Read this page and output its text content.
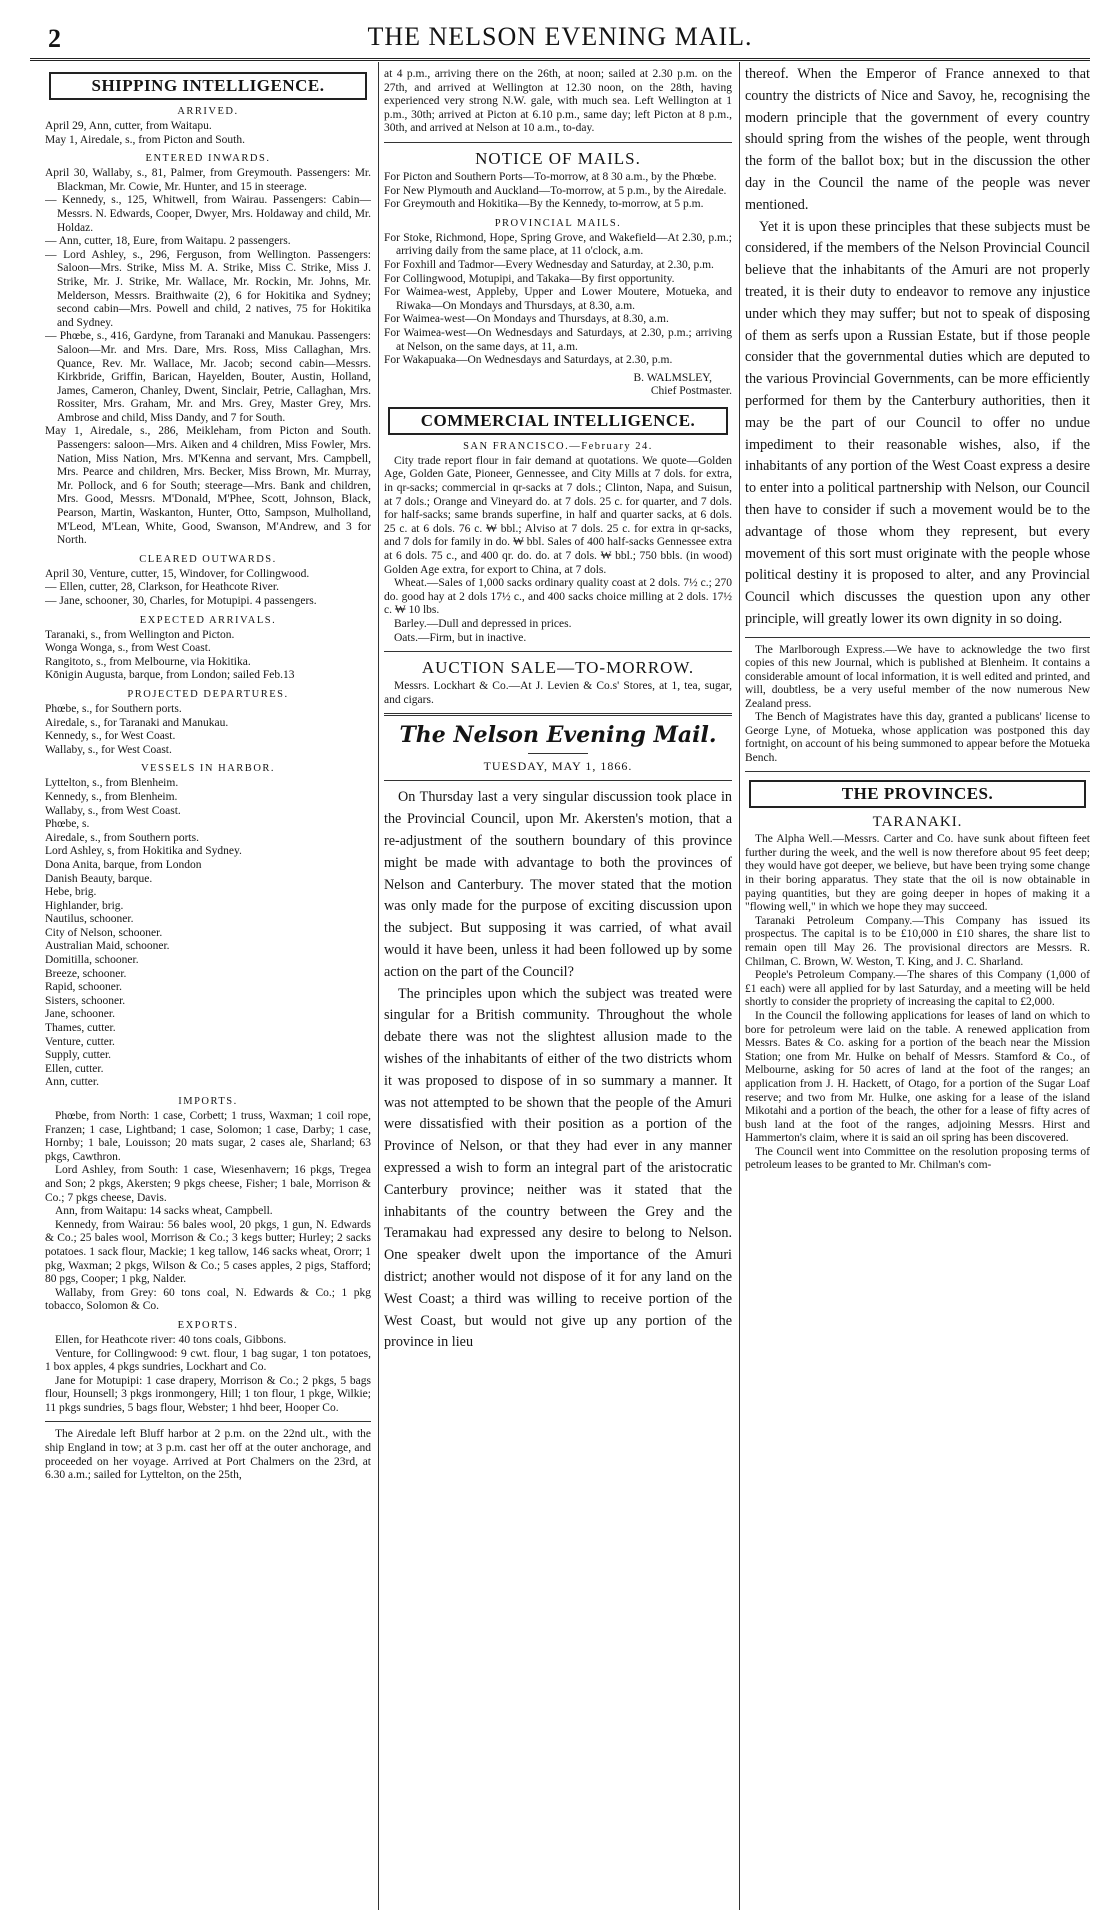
2	THE NELSON EVENING MAIL.
SHIPPING INTELLIGENCE.
ARRIVED.

April 29, Ann, cutter, from Waitapu.

May 1, Airedale, s., from Picton and South.

ENTERED INWARDS.

April 30, Wallaby, s., 81, Palmer, from Greymouth. Passengers: Mr. Blackman, Mr. Cowie, Mr. Hunter, and 15 in steerage.

— Kennedy, s., 125, Whitwell, from Wairau. Passengers: Cabin—Messrs. N. Edwards, Cooper, Dwyer, Mrs. Holdaway and child, Mr. Holdaz.

— Ann, cutter, 18, Eure, from Waitapu. 2 passengers.

— Lord Ashley, s., 296, Ferguson, from Wellington. Passengers: Saloon—Mrs. Strike, Miss M. A. Strike, Miss C. Strike, Miss J. Strike, Mr. J. Strike, Mr. Wallace, Mr. Rockin, Mr. Johns, Mr. Melderson, Messrs. Braithwaite (2), 6 for Hokitika and Sydney; second cabin—Mrs. Powell and child, 2 natives, 75 for Hokitika and Sydney.

— Phœbe, s., 416, Gardyne, from Taranaki and Manukau. Passengers: Saloon—Mr. and Mrs. Dare, Mrs. Ross, Miss Callaghan, Mrs. Quance, Rev. Mr. Wallace, Mr. Jacob; second cabin—Messrs. Kirkbride, Griffin, Barican, Hayelden, Bouter, Austin, Holland, James, Cameron, Chanley, Dwent, Sinclair, Petrie, Callaghan, Mrs. Rossiter, Mrs. Graham, Mr. and Mrs. Grey, Master Grey, Mrs. Ambrose and child, Miss Dandy, and 7 for South.

May 1, Airedale, s., 286, Meikleham, from Picton and South. Passengers: saloon—Mrs. Aiken and 4 children, Miss Fowler, Mrs. Nation, Miss Nation, Mrs. M'Kenna and servant, Mrs. Campbell, Mrs. Pearce and children, Mrs. Becker, Miss Brown, Mr. Murray, Mr. Pollock, and 6 for South; steerage—Mrs. Bank and children, Mrs. Good, Messrs. M'Donald, M'Phee, Scott, Johnson, Black, Pearson, Martin, Waskanton, Hunter, Otto, Sampson, Mulholland, M'Leod, M'Lean, White, Good, Swanson, M'Andrew, and 3 for North.

CLEARED OUTWARDS.

April 30, Venture, cutter, 15, Windover, for Collingwood.

— Ellen, cutter, 28, Clarkson, for Heathcote River.

— Jane, schooner, 30, Charles, for Motupipi. 4 passengers.

EXPECTED ARRIVALS.

Taranaki, s., from Wellington and Picton.

Wonga Wonga, s., from West Coast.

Rangitoto, s., from Melbourne, via Hokitika.

Kōnigin Augusta, barque, from London; sailed Feb.13

PROJECTED DEPARTURES.

Phœbe, s., for Southern ports.

Airedale, s., for Taranaki and Manukau.

Kennedy, s., for West Coast.

Wallaby, s., for West Coast.

VESSELS IN HARBOR.

Lyttelton, s., from Blenheim.

Kennedy, s., from Blenheim.

Wallaby, s., from West Coast.

Phœbe, s.

Airedale, s., from Southern ports.

Lord Ashley, s, from Hokitika and Sydney.

Dona Anita, barque, from London

Danish Beauty, barque.

Hebe, brig.

Highlander, brig.

Nautilus, schooner.

City of Nelson, schooner.

Australian Maid, schooner.

Domitilla, schooner.

Breeze, schooner.

Rapid, schooner.

Sisters, schooner.

Jane, schooner.

Thames, cutter.

Venture, cutter.

Supply, cutter.

Ellen, cutter.

Ann, cutter.

IMPORTS.

Phœbe, from North: 1 case, Corbett; 1 truss, Waxman; 1 coil rope, Franzen; 1 case, Lightband; 1 case, Solomon; 1 case, Darby; 1 case, Hornby; 1 bale, Louisson; 20 mats sugar, 2 cases ale, Sharland; 63 pkgs, Cawthron.

Lord Ashley, from South: 1 case, Wiesenhavern; 16 pkgs, Tregea and Son; 2 pkgs, Akersten; 9 pkgs cheese, Fisher; 1 bale, Morrison & Co.; 7 pkgs cheese, Davis.

Ann, from Waitapu: 14 sacks wheat, Campbell.

Kennedy, from Wairau: 56 bales wool, 20 pkgs, 1 gun, N. Edwards & Co.; 25 bales wool, Morrison & Co.; 3 kegs butter; Hurley; 2 sacks potatoes. 1 sack flour, Mackie; 1 keg tallow, 146 sacks wheat, Ororr; 1 pkg, Waxman; 2 pkgs, Wilson & Co.; 5 cases apples, 2 pigs, Stafford; 80 pgs, Cooper; 1 pkg, Nalder.

Wallaby, from Grey: 60 tons coal, N. Edwards & Co.; 1 pkg tobacco, Solomon & Co.

EXPORTS.

Ellen, for Heathcote river: 40 tons coals, Gibbons.

Venture, for Collingwood: 9 cwt. flour, 1 bag sugar, 1 ton potatoes, 1 box apples, 4 pkgs sundries, Lockhart and Co.

Jane for Motupipi: 1 case drapery, Morrison & Co.; 2 pkgs, 5 bags flour, Hounsell; 3 pkgs ironmongery, Hill; 1 ton flour, 1 pkge, Wilkie; 11 pkgs sundries, 5 bags flour, Webster; 1 hhd beer, Hooper Co.

The Airedale left Bluff harbor at 2 p.m. on the 22nd ult., with the ship England in tow; at 3 p.m. cast her off at the outer anchorage, and proceeded on her voyage. Arrived at Port Chalmers on the 23rd, at 6.30 a.m.; sailed for Lyttelton, on the 25th,

at 4 p.m., arriving there on the 26th, at noon; sailed at 2.30 p.m. on the 27th, and arrived at Wellington at 12.30 noon, on the 28th, having experienced very strong N.W. gale, with much sea. Left Wellington at 1 p.m., 30th; arrived at Picton at 6.10 p.m., same day; left Picton at 8 p.m., 30th, and arrived at Nelson at 10 a.m., to-day.

NOTICE OF MAILS.

For Picton and Southern Ports—To-morrow, at 8 30 a.m., by the Phœbe.

For New Plymouth and Auckland—To-morrow, at 5 p.m., by the Airedale.

For Greymouth and Hokitika—By the Kennedy, to-morrow, at 5 p.m.

PROVINCIAL MAILS.

For Stoke, Richmond, Hope, Spring Grove, and Wakefield—At 2.30, p.m.; arriving daily from the same place, at 11 o'clock, a.m.

For Foxhill and Tadmor—Every Wednesday and Saturday, at 2.30, p.m.

For Collingwood, Motupipi, and Takaka—By first opportunity.

For Waimea-west, Appleby, Upper and Lower Moutere, Motueka, and Riwaka—On Mondays and Thursdays, at 8.30, a.m.

For Waimea-west—On Mondays and Thursdays, at 8.30, a.m.

For Waimea-west—On Wednesdays and Saturdays, at 2.30, p.m.; arriving at Nelson, on the same days, at 11, a.m.

For Wakapuaka—On Wednesdays and Saturdays, at 2.30, p.m.

B. WALMSLEY,

Chief Postmaster.

COMMERCIAL INTELLIGENCE.
SAN FRANCISCO.—February 24.

City trade report flour in fair demand at quotations. We quote—Golden Age, Golden Gate, Pioneer, Gennessee, and City Mills at 7 dols. for extra, in qr-sacks; commercial in qr-sacks at 7 dols.; Clinton, Napa, and Suisun, at 7 dols.; Orange and Vineyard do. at 7 dols. 25 c. for quarter, and 7 dols. for half-sacks; same brands superfine, in half and quarter sacks, at 6 dols. 25 c. at 6 dols. 76 c. ₩ bbl.; Alviso at 7 dols. 25 c. for extra in qr-sacks, and 7 dols for family in do. ₩ bbl. Sales of 400 half-sacks Gennessee extra at 6 dols. 75 c., and 400 qr. do. do. at 7 dols. ₩ bbl.; 750 bbls. (in wood) Golden Age extra, for export to China, at 7 dols.

Wheat.—Sales of 1,000 sacks ordinary quality coast at 2 dols. 7½ c.; 270 do. good hay at 2 dols 17½ c., and 400 sacks choice milling at 2 dols. 17½ c. ₩ 10 lbs.

Barley.—Dull and depressed in prices.

Oats.—Firm, but in inactive.

AUCTION SALE—TO-MORROW.

Messrs. Lockhart & Co.—At J. Levien & Co.s' Stores, at 1, tea, sugar, and cigars.

The Nelson Evening Mail.
TUESDAY, MAY 1, 1866.

On Thursday last a very singular discussion took place in the Provincial Council, upon Mr. Akersten's motion, that a re-adjustment of the southern boundary of this province might be made with advantage to both the provinces of Nelson and Canterbury. The mover stated that the motion was only made for the purpose of exciting discussion upon the subject. But supposing it was carried, of what avail would it have been, unless it had been followed up by some action on the part of the Council?

The principles upon which the subject was treated were singular for a British community. Throughout the whole debate there was not the slightest allusion made to the wishes of the inhabitants of either of the two districts whom it was proposed to dispose of in so summary a manner. It was not attempted to be shown that the people of the Amuri were dissatisfied with their position as a portion of the Province of Nelson, or that they had ever in any manner expressed a wish to form an integral part of the aristocratic Canterbury province; neither was it stated that the inhabitants of the country between the Grey and the Teramakau had expressed any desire to belong to Nelson. One speaker dwelt upon the importance of the Amuri district; another would not dispose of it for any land on the West Coast; a third was willing to receive portion of the West Coast, but would not give up any portion of the province in lieu

thereof. When the Emperor of France annexed to that country the districts of Nice and Savoy, he, recognising the modern principle that the government of every country should spring from the wishes of the people, went through the form of the ballot box; but in the discussion the other day in the Council the name of the people was never mentioned.

Yet it is upon these principles that these subjects must be considered, if the members of the Nelson Provincial Council believe that the inhabitants of the Amuri are not properly treated, it is their duty to endeavor to remove any injustice under which they may suffer; but not to speak of disposing of them as serfs upon a Russian Estate, but if those people consider that the governmental duties which are deputed to the various Provincial Governments, can be more efficiently performed for them by the Canterbury authorities, then it may be the part of our Council to offer no undue impediment to their reasonable wishes, also, if the inhabitants of any portion of the West Coast express a desire to enter into a political partnership with Nelson, our Council then have to consider if such a movement would be to the advantage of those whom they represent, but every movement of this sort must originate with the people whose political destiny it is proposed to alter, and any Provincial Council which discusses the question upon any other principle, will greatly lower its own dignity in so doing.

The Marlborough Express.—We have to acknowledge the two first copies of this new Journal, which is published at Blenheim. It contains a considerable amount of local information, it is well edited and printed, and will, doubtless, be a very useful member of the now numerous New Zealand press.

The Bench of Magistrates have this day, granted a publicans' license to George Lyne, of Motueka, whose application was postponed this day fortnight, on account of his being summoned to appear before the Motueka Bench.

THE PROVINCES.
TARANAKI.

The Alpha Well.—Messrs. Carter and Co. have sunk about fifteen feet further during the week, and the well is now therefore about 95 feet deep; they would have got deeper, we believe, but have been trying some change in their boring apparatus. They state that the oil is now obtainable in paying quantities, but they are going deeper in hopes of making it a "flowing well," in which we hope they may succeed.

Taranaki Petroleum Company.—This Company has issued its prospectus. The capital is to be £10,000 in £10 shares, the share list to remain open till May 26. The provisional directors are Messrs. R. Chilman, C. Brown, W. Weston, T. King, and J. C. Sharland.

People's Petroleum Company.—The shares of this Company (1,000 of £1 each) were all applied for by last Saturday, and a meeting will be held shortly to consider the propriety of increasing the capital to £2,000.

In the Council the following applications for leases of land on which to bore for petroleum were laid on the table. A renewed application from Messrs. Bates & Co. asking for a portion of the beach near the Mission Station; one from Mr. Hulke on behalf of Messrs. Stamford & Co., of Melbourne, asking for 50 acres of land at the foot of the ranges; an application from J. H. Hackett, of Otago, for a portion of the Sugar Loaf reserve; and two from Mr. Hulke, one asking for a lease of the island Mikotahi and a portion of the beach, the other for a lease of fifty acres of bush land at the foot of the ranges, adjoining Messrs. Hirst and Hammerton's claim, where it is said an oil spring has been discovered.

The Council went into Committee on the resolution proposing terms of petroleum leases to be granted to Mr. Chilman's com-
